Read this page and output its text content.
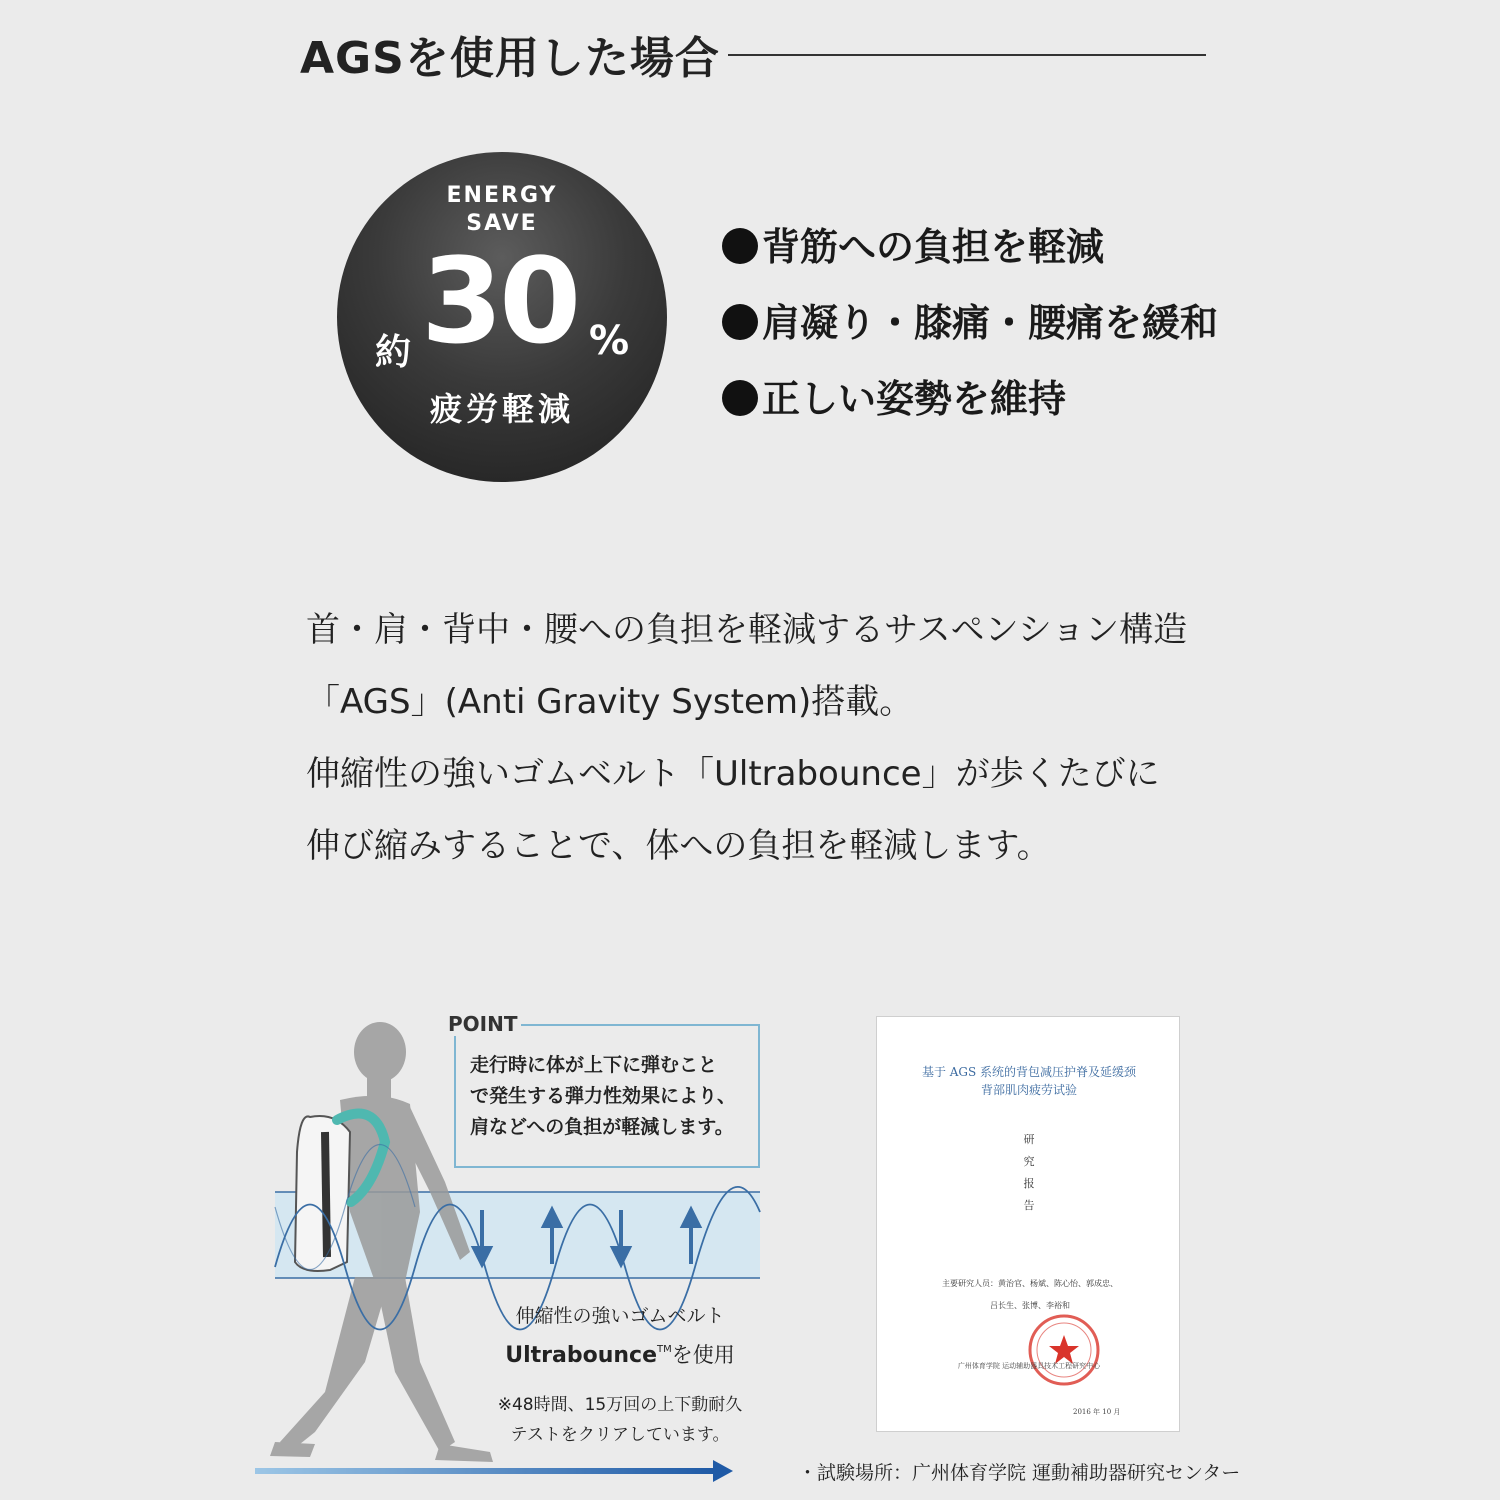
AGSを使用した場合
ENERGY
SAVE
約 30 %
疲労軽減
背筋への負担を軽減
肩凝り・膝痛・腰痛を緩和
正しい姿勢を維持
首・肩・背中・腰への負担を軽減するサスペンション構造
「AGS」(Anti Gravity System)搭載。
伸縮性の強いゴムベルト「Ultrabounce」が歩くたびに
伸び縮みすることで、体への負担を軽減します。
POINT
走行時に体が上下に弾むこと
で発生する弾力性効果により、
肩などへの負担が軽減します。
伸縮性の強いゴムベルト
Ultrabounce™を使用
※48時間、15万回の上下動耐久
テストをクリアしています。
基于 AGS 系统的背包减压护脊及延缓颈
背部肌肉疲劳试验
研
究
报
告
主要研究人员：黄治官、杨斌、陈心怡、郭成忠、
吕长生、张博、李裕和
广州体育学院 运动辅助器具技术工程研究中心
2016 年 10 月
・試験場所：广州体育学院 運動補助器研究センター
